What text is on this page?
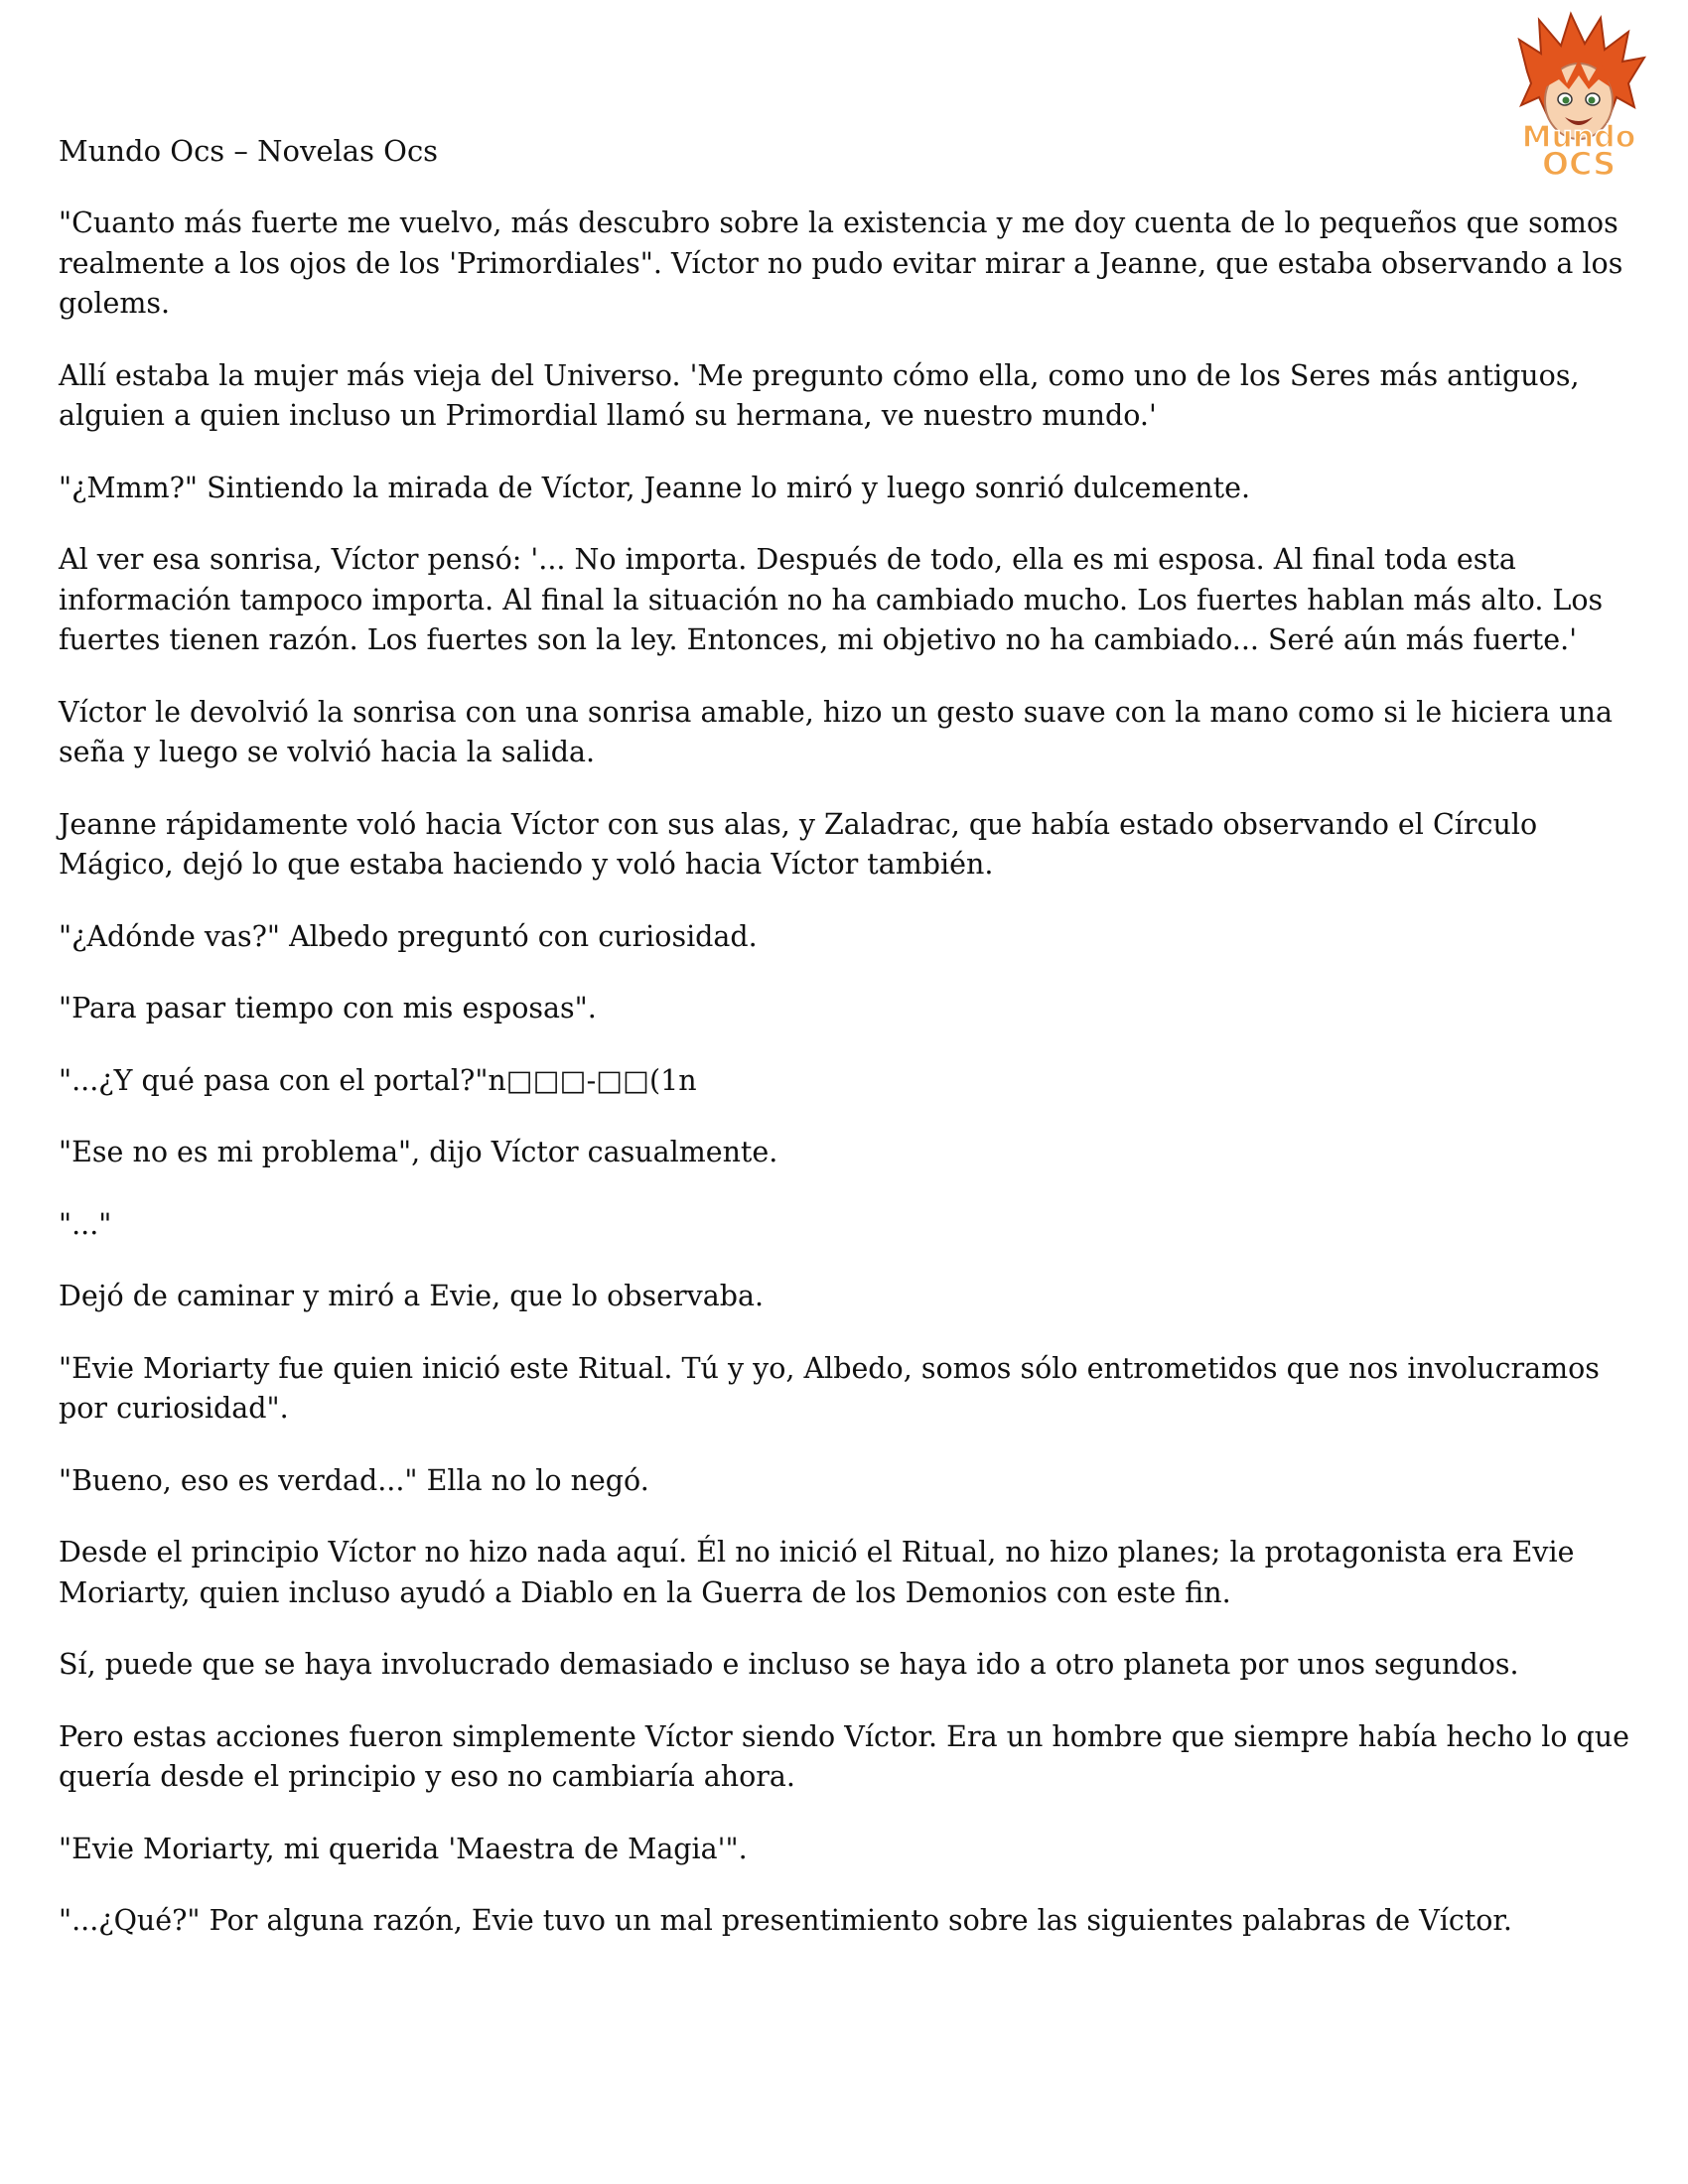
Mundo Ocs – Novelas Ocs	Mundo
OCS

"Cuanto más fuerte me vuelvo, más descubro sobre la existencia y me doy cuenta de lo pequeños que somos realmente a los ojos de los 'Primordiales". Víctor no pudo evitar mirar a Jeanne, que estaba observando a los golems.

Allí estaba la mujer más vieja del Universo. 'Me pregunto cómo ella, como uno de los Seres más antiguos, alguien a quien incluso un Primordial llamó su hermana, ve nuestro mundo.'

"¿Mmm?" Sintiendo la mirada de Víctor, Jeanne lo miró y luego sonrió dulcemente.

Al ver esa sonrisa, Víctor pensó: '... No importa. Después de todo, ella es mi esposa. Al final toda esta información tampoco importa. Al final la situación no ha cambiado mucho. Los fuertes hablan más alto. Los fuertes tienen razón. Los fuertes son la ley. Entonces, mi objetivo no ha cambiado... Seré aún más fuerte.'

Víctor le devolvió la sonrisa con una sonrisa amable, hizo un gesto suave con la mano como si le hiciera una seña y luego se volvió hacia la salida.

Jeanne rápidamente voló hacia Víctor con sus alas, y Zaladrac, que había estado observando el Círculo Mágico, dejó lo que estaba haciendo y voló hacia Víctor también.

"¿Adónde vas?" Albedo preguntó con curiosidad.

"Para pasar tiempo con mis esposas".

"...¿Y qué pasa con el portal?"n□□□-□□(1n

"Ese no es mi problema", dijo Víctor casualmente.

"..."

Dejó de caminar y miró a Evie, que lo observaba.

"Evie Moriarty fue quien inició este Ritual. Tú y yo, Albedo, somos sólo entrometidos que nos involucramos por curiosidad".

"Bueno, eso es verdad..." Ella no lo negó.

Desde el principio Víctor no hizo nada aquí. Él no inició el Ritual, no hizo planes; la protagonista era Evie Moriarty, quien incluso ayudó a Diablo en la Guerra de los Demonios con este fin.

Sí, puede que se haya involucrado demasiado e incluso se haya ido a otro planeta por unos segundos.

Pero estas acciones fueron simplemente Víctor siendo Víctor. Era un hombre que siempre había hecho lo que quería desde el principio y eso no cambiaría ahora.

"Evie Moriarty, mi querida 'Maestra de Magia'".

"...¿Qué?" Por alguna razón, Evie tuvo un mal presentimiento sobre las siguientes palabras de Víctor.
